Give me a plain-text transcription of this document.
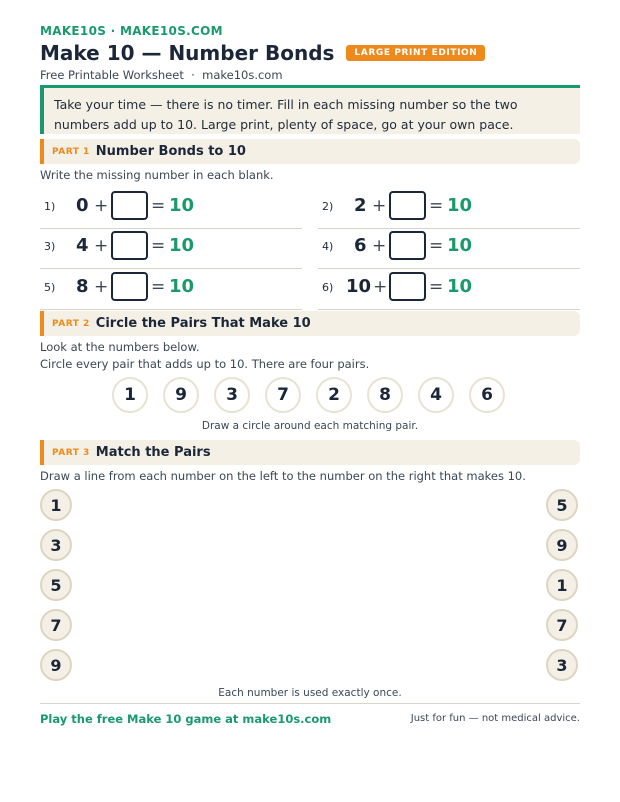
MAKE10S · MAKE10S.COM
Make 10 — Number Bonds	LARGE PRINT EDITION
Free Printable Worksheet  ·  make10s.com
Take your time — there is no timer. Fill in each missing number so the two numbers add up to 10. Large print, plenty of space, go at your own pace.
PART 1 Number Bonds to 10
Write the missing number in each blank.
1) 0 +	= 10	2) 2 +	= 10
3) 4 +	= 10	4) 6 +	= 10
5) 8 +	= 10	6) 10 + = 10
PART 2 Circle the Pairs That Make 10
Look at the numbers below.
Circle every pair that adds up to 10. There are four pairs.
1	9	3	7	2	8	4	6
Draw a circle around each matching pair.
PART 3 Match the Pairs
Draw a line from each number on the left to the number on the right that makes 10.
1
3
5
7
9
5
9
1
7
3
Each number is used exactly once.
Play the free Make 10 game at make10s.com	Just for fun — not medical advice.
